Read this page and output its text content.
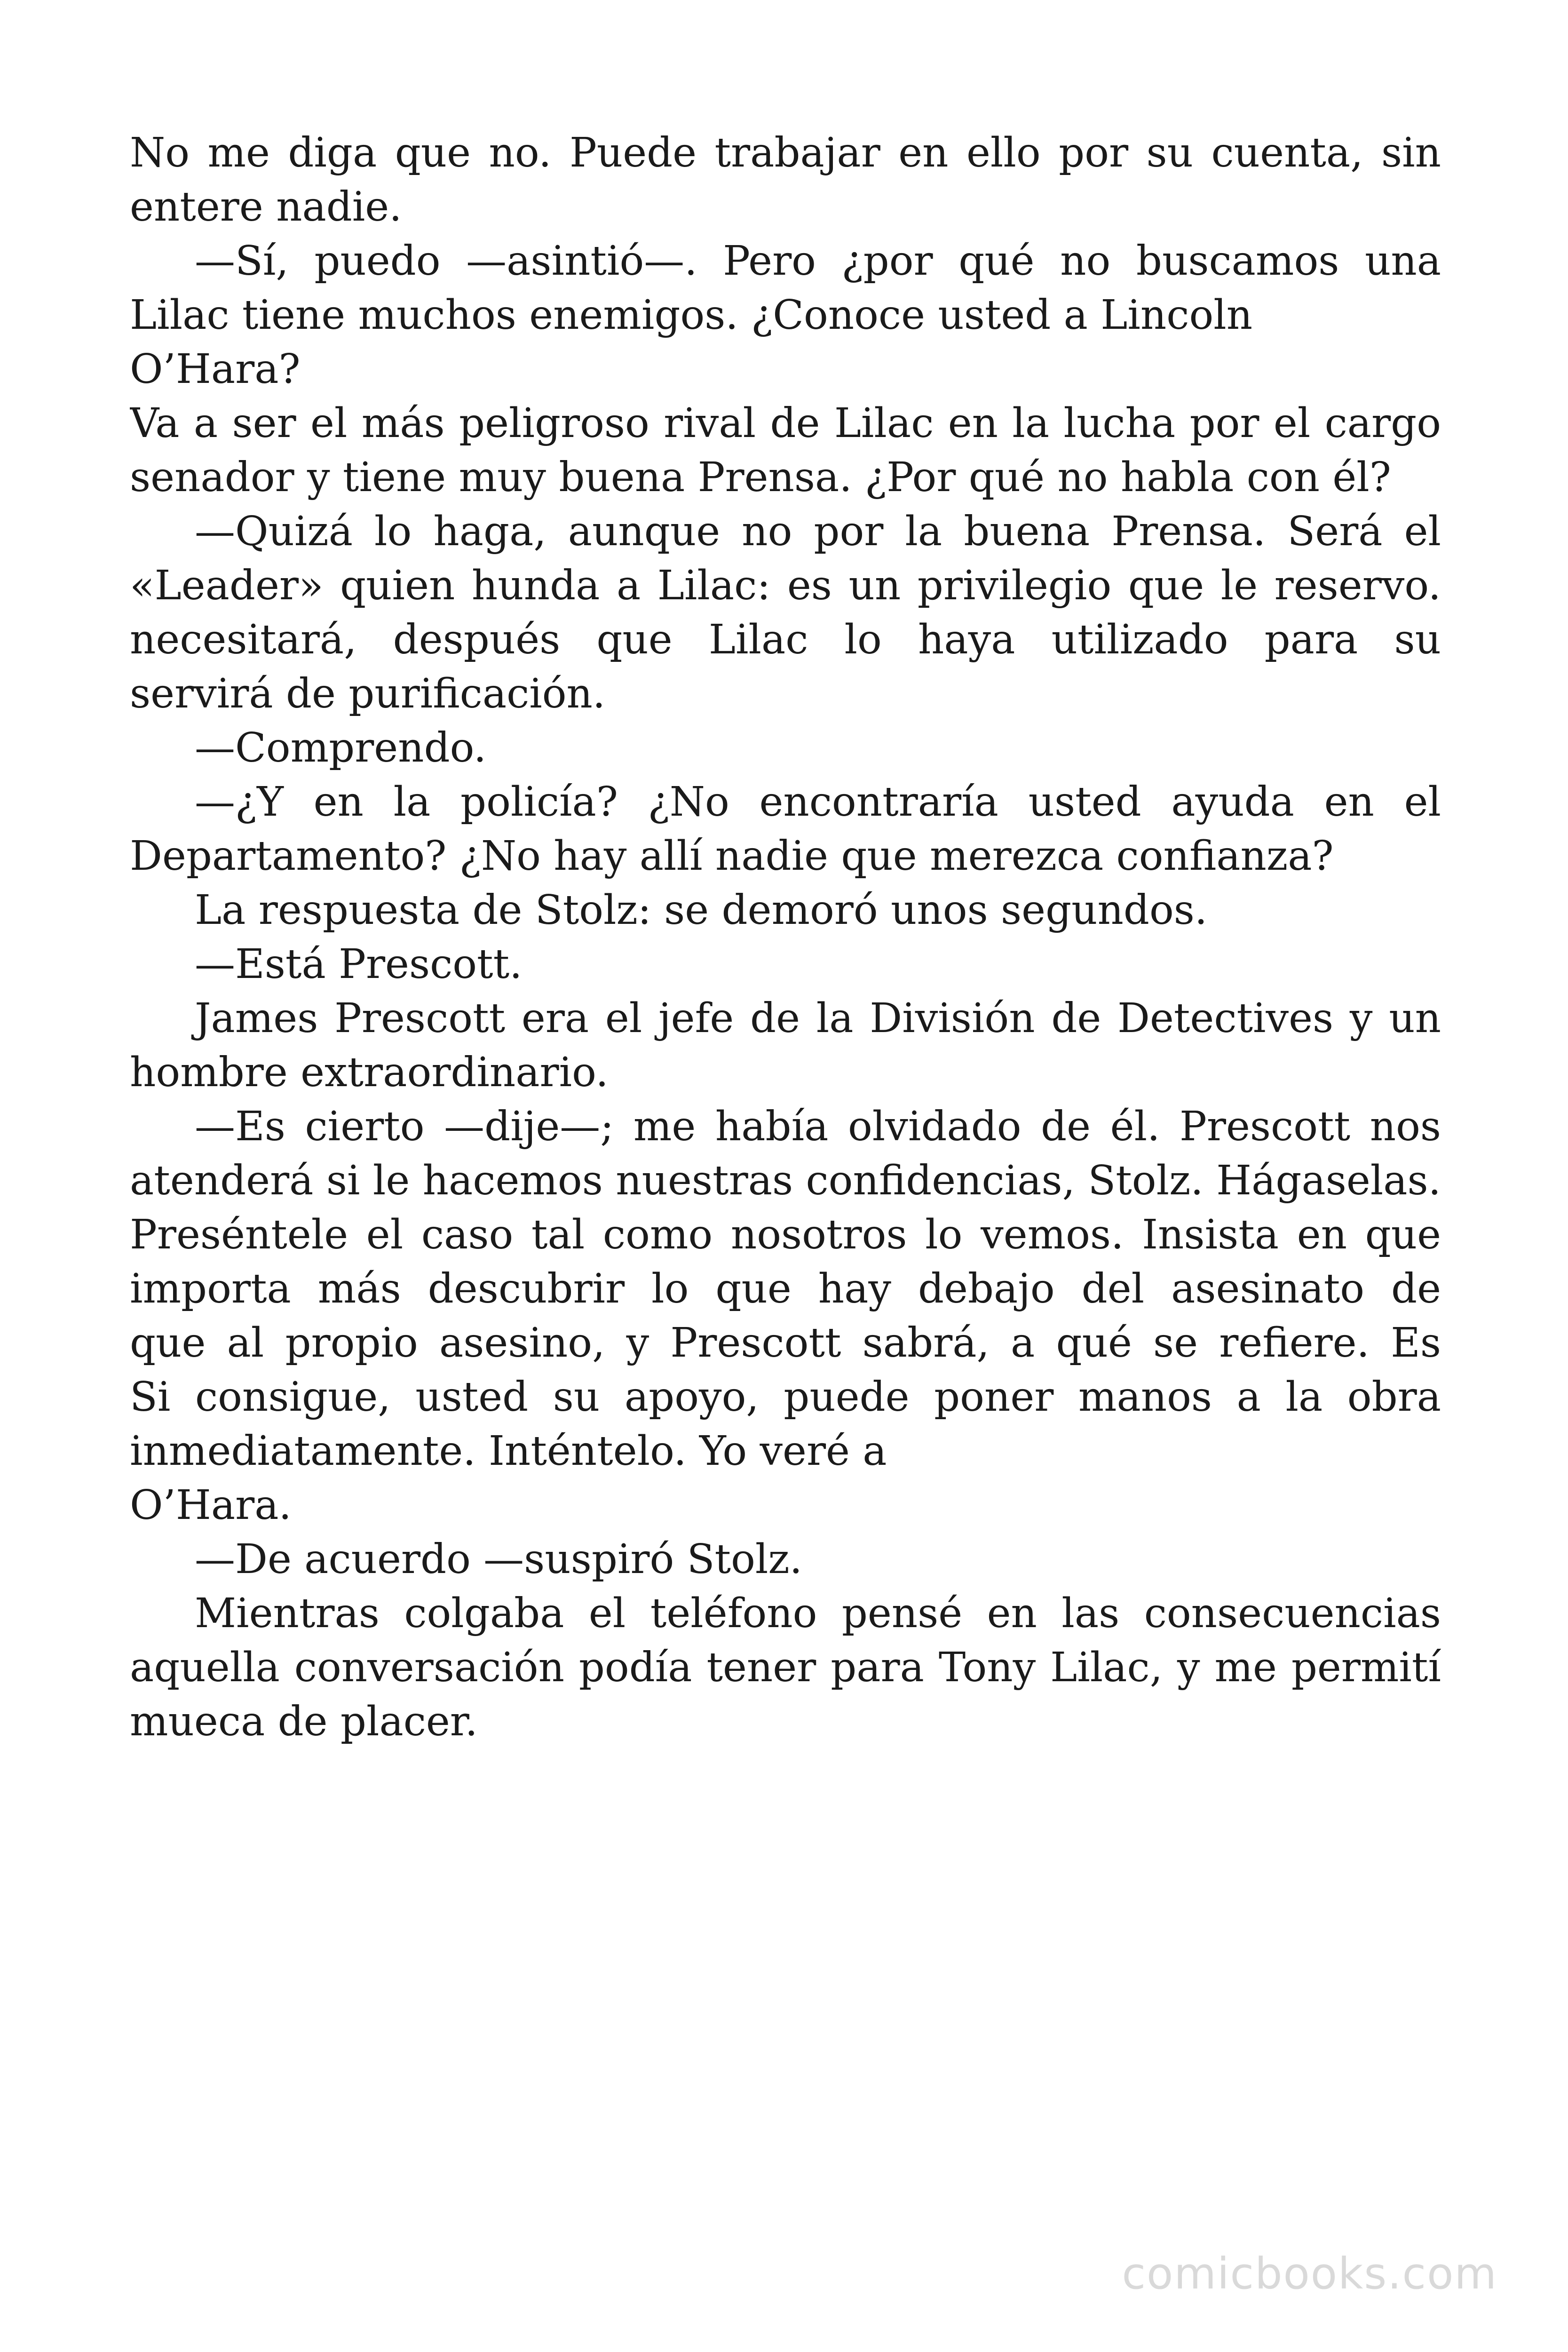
No me diga que no. Puede trabajar en ello por su cuenta, sin
entere nadie.
—Sí, puedo —asintió—. Pero ¿por qué no buscamos una
Lilac tiene muchos enemigos. ¿Conoce usted a Lincoln
O’Hara?
Va a ser el más peligroso rival de Lilac en la lucha por el cargo
senador y tiene muy buena Prensa. ¿Por qué no habla con él?
—Quizá lo haga, aunque no por la buena Prensa. Será el
«Leader» quien hunda a Lilac: es un privilegio que le reservo.
necesitará, después que Lilac lo haya utilizado para su
servirá de purificación.
—Comprendo.
—¿Y en la policía? ¿No encontraría usted ayuda en el
Departamento? ¿No hay allí nadie que merezca confianza?
La respuesta de Stolz: se demoró unos segundos.
—Está Prescott.
James Prescott era el jefe de la División de Detectives y un
hombre extraordinario.
—Es cierto —dije—; me había olvidado de él. Prescott nos
atenderá si le hacemos nuestras confidencias, Stolz. Hágaselas.
Preséntele el caso tal como nosotros lo vemos. Insista en que
importa más descubrir lo que hay debajo del asesinato de
que al propio asesino, y Prescott sabrá, a qué se refiere. Es
Si consigue, usted su apoyo, puede poner manos a la obra
inmediatamente. Inténtelo. Yo veré a
O’Hara.
—De acuerdo —suspiró Stolz.
Mientras colgaba el teléfono pensé en las consecuencias
aquella conversación podía tener para Tony Lilac, y me permití
mueca de placer.
comicbooks.com
